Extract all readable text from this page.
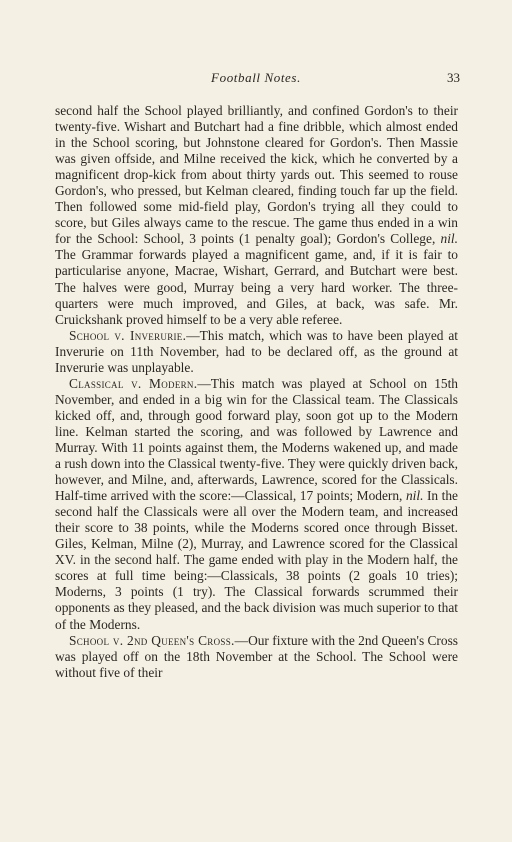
Football Notes.	33

second half the School played brilliantly, and confined Gordon's to their twenty-five. Wishart and Butchart had a fine dribble, which almost ended in the School scoring, but Johnstone cleared for Gordon's. Then Massie was given offside, and Milne received the kick, which he converted by a magnificent drop-kick from about thirty yards out. This seemed to rouse Gordon's, who pressed, but Kelman cleared, finding touch far up the field. Then followed some mid-field play, Gordon's trying all they could to score, but Giles always came to the rescue. The game thus ended in a win for the School: School, 3 points (1 penalty goal); Gordon's College, nil. The Grammar forwards played a magnificent game, and, if it is fair to particularise anyone, Macrae, Wishart, Gerrard, and Butchart were best. The halves were good, Murray being a very hard worker. The three-quarters were much improved, and Giles, at back, was safe. Mr. Cruickshank proved himself to be a very able referee.

School v. Inverurie.—This match, which was to have been played at Inverurie on 11th November, had to be declared off, as the ground at Inverurie was unplayable.

Classical v. Modern.—This match was played at School on 15th November, and ended in a big win for the Classical team. The Classicals kicked off, and, through good forward play, soon got up to the Modern line. Kelman started the scoring, and was followed by Lawrence and Murray. With 11 points against them, the Moderns wakened up, and made a rush down into the Classical twenty-five. They were quickly driven back, however, and Milne, and, afterwards, Lawrence, scored for the Classicals. Half-time arrived with the score:—Classical, 17 points; Modern, nil. In the second half the Classicals were all over the Modern team, and increased their score to 38 points, while the Moderns scored once through Bisset. Giles, Kelman, Milne (2), Murray, and Lawrence scored for the Classical XV. in the second half. The game ended with play in the Modern half, the scores at full time being:—Classicals, 38 points (2 goals 10 tries); Moderns, 3 points (1 try). The Classical forwards scrummed their opponents as they pleased, and the back division was much superior to that of the Moderns.

School v. 2nd Queen's Cross.—Our fixture with the 2nd Queen's Cross was played off on the 18th November at the School. The School were without five of their
